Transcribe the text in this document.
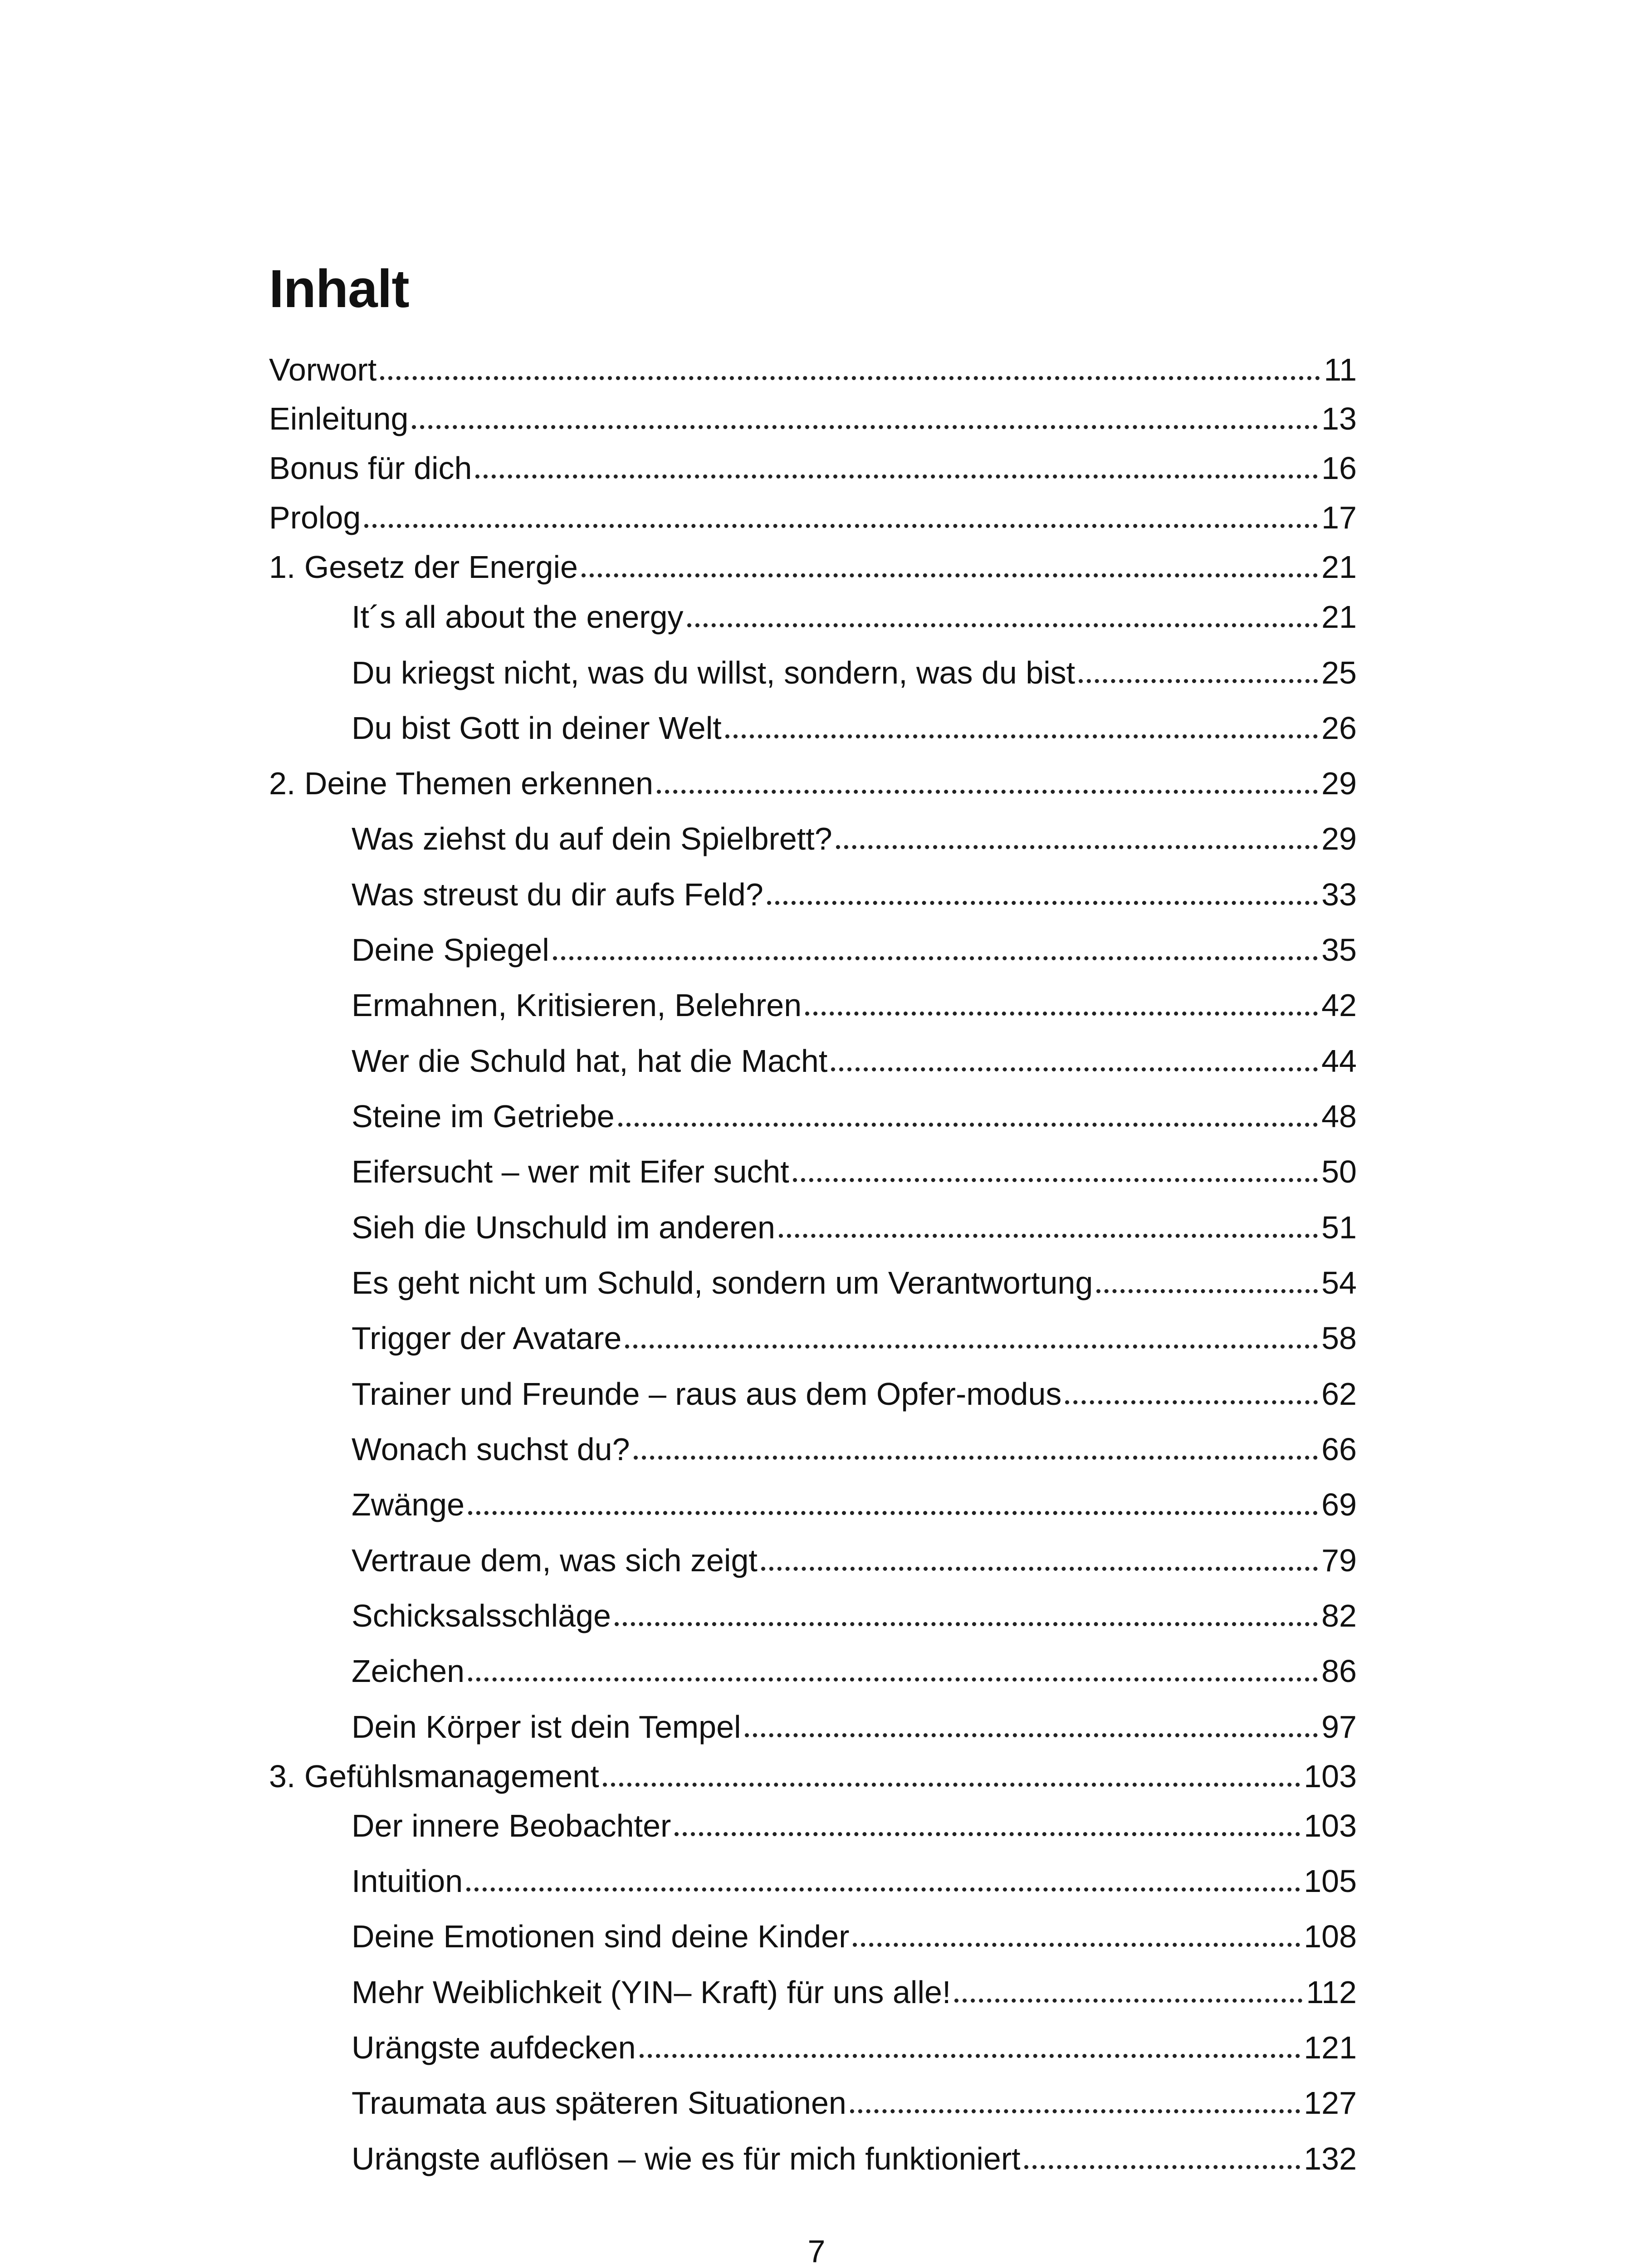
Inhalt
Vorwort	11
Einleitung	13
Bonus für dich	16
Prolog	17
1. Gesetz der Energie	21
It´s all about the energy	21
Du kriegst nicht, was du willst, sondern, was du bist	25
Du bist Gott in deiner Welt	26
2. Deine Themen erkennen	29
Was ziehst du auf dein Spielbrett?	29
Was streust du dir aufs Feld?	33
Deine Spiegel	35
Ermahnen, Kritisieren, Belehren	42
Wer die Schuld hat, hat die Macht	44
Steine im Getriebe	48
Eifersucht – wer mit Eifer sucht	50
Sieh die Unschuld im anderen	51
Es geht nicht um Schuld, sondern um Verantwortung	54
Trigger der Avatare	58
Trainer und Freunde – raus aus dem Opfer-modus	62
Wonach suchst du?	66
Zwänge	69
Vertraue dem, was sich zeigt	79
Schicksalsschläge	82
Zeichen	86
Dein Körper ist dein Tempel	97
3. Gefühlsmanagement	103
Der innere Beobachter	103
Intuition	105
Deine Emotionen sind deine Kinder	108
Mehr Weiblichkeit (YIN– Kraft) für uns alle!	112
Urängste aufdecken	121
Traumata aus späteren Situationen	127
Urängste auflösen – wie es für mich funktioniert	132
7
